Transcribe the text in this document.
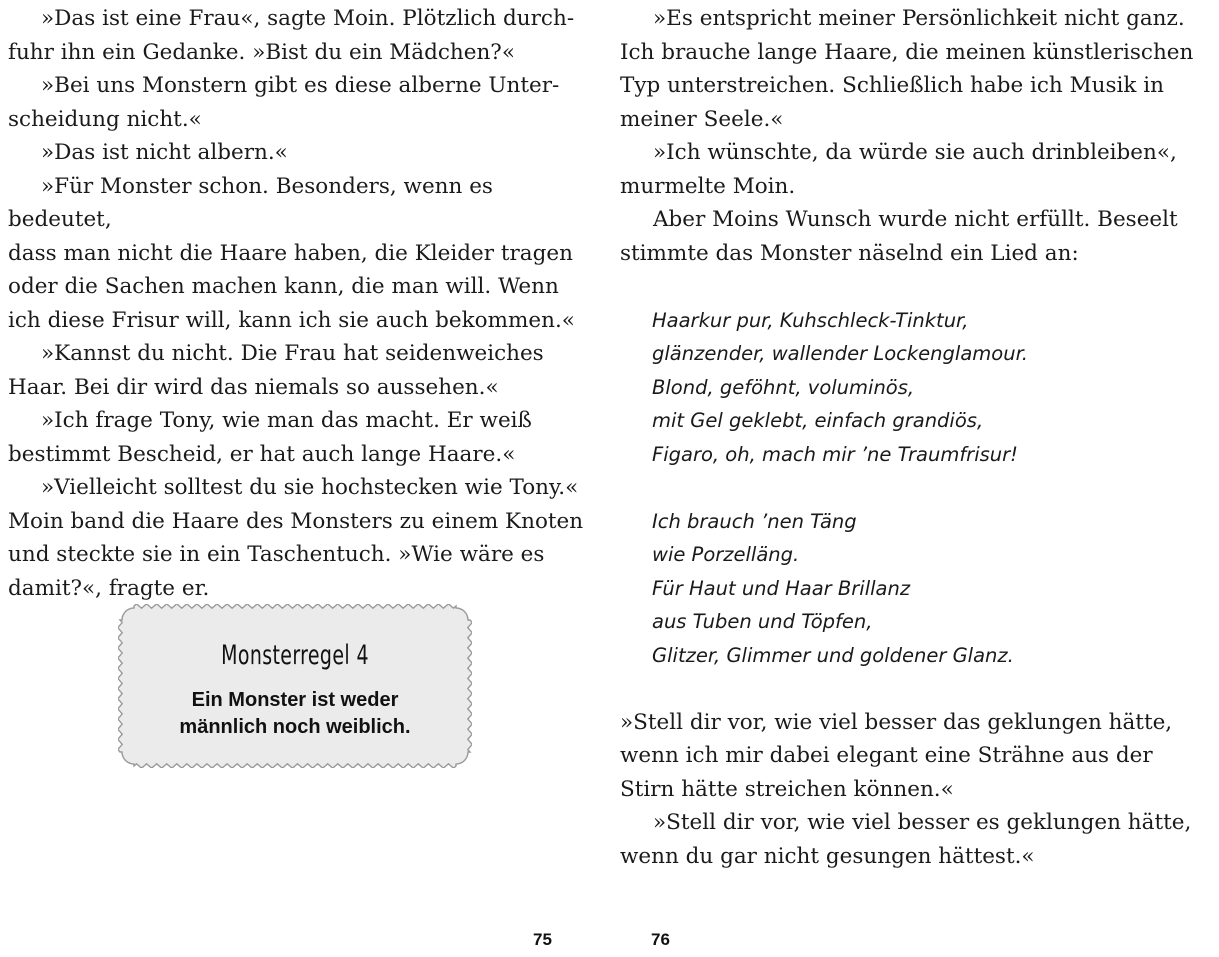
»Das ist eine Frau«, sagte Moin. Plötzlich durch-
fuhr ihn ein Gedanke. »Bist du ein Mädchen?«
»Bei uns Monstern gibt es diese alberne Unter-
scheidung nicht.«
»Das ist nicht albern.«
»Für Monster schon. Besonders, wenn es bedeutet,
dass man nicht die Haare haben, die Kleider tragen
oder die Sachen machen kann, die man will. Wenn
ich diese Frisur will, kann ich sie auch bekommen.«
»Kannst du nicht. Die Frau hat seidenweiches
Haar. Bei dir wird das niemals so aussehen.«
»Ich frage Tony, wie man das macht. Er weiß
bestimmt Bescheid, er hat auch lange Haare.«
»Vielleicht solltest du sie hochstecken wie Tony.«
Moin band die Haare des Monsters zu einem Knoten
und steckte sie in ein Taschentuch. »Wie wäre es
damit?«, fragte er.
Monsterregel 4
Ein Monster ist weder
männlich noch weiblich.
75
»Es entspricht meiner Persönlichkeit nicht ganz.
Ich brauche lange Haare, die meinen künstlerischen
Typ unterstreichen. Schließlich habe ich Musik in
meiner Seele.«
»Ich wünschte, da würde sie auch drinbleiben«,
murmelte Moin.
Aber Moins Wunsch wurde nicht erfüllt. Beseelt
stimmte das Monster näselnd ein Lied an:
Haarkur pur, Kuhschleck-Tinktur,
glänzender, wallender Lockenglamour.
Blond, geföhnt, voluminös,
mit Gel geklebt, einfach grandiös,
Figaro, oh, mach mir ’ne Traumfrisur!
Ich brauch ’nen Täng
wie Porzelläng.
Für Haut und Haar Brillanz
aus Tuben und Töpfen,
Glitzer, Glimmer und goldener Glanz.
»Stell dir vor, wie viel besser das geklungen hätte,
wenn ich mir dabei elegant eine Strähne aus der
Stirn hätte streichen können.«
»Stell dir vor, wie viel besser es geklungen hätte,
wenn du gar nicht gesungen hättest.«
76
